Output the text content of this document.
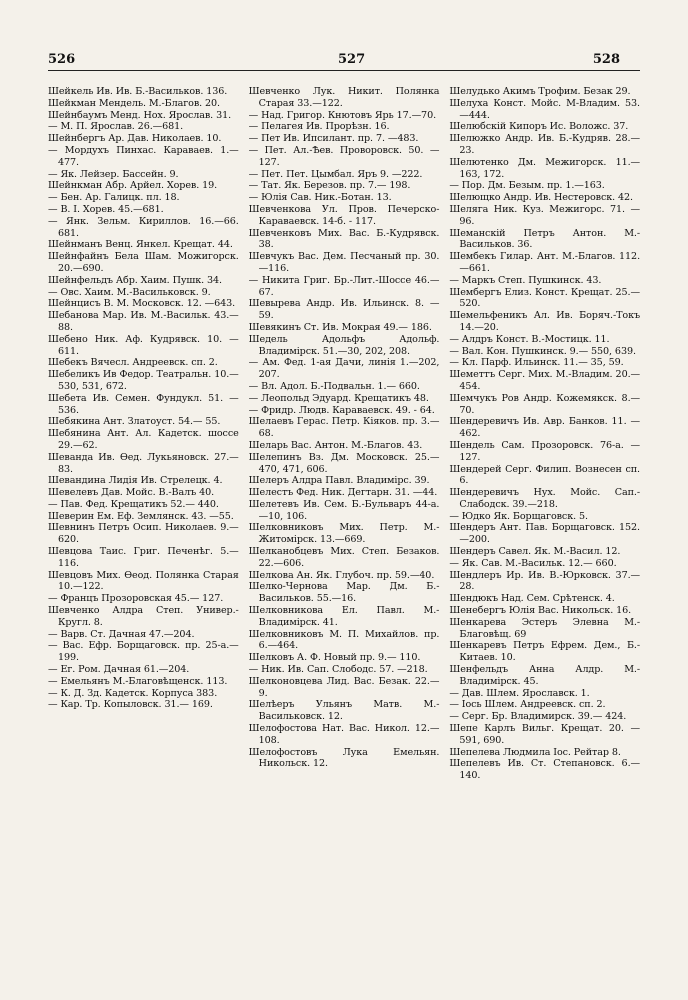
526	527	528

Шейкель Ив. Ив. Б.-Васильков. 136.

Шейкман Мендель. М.-Благов. 20.

Шейнбаумъ Менд. Нох. Ярослав. 31.

— М. П. Ярослав. 26.—681.

Шейнбергъ Ар. Дав. Николаев. 10.

— Мордухъ Пинхас. Караваев. 1.—477.

— Як. Лейзер. Бассейн. 9.

Шейнкман Абр. Арйел. Хорев. 19.

— Бен. Ар. Галицк. пл. 18.

— В. І. Хорев. 45.—681.

— Янк. Зельм. Кириллов. 16.—66. 681.

Шейнманъ Венц. Янкел. Крещат. 44.

Шейнфайнъ Бела Шам. Можигорск. 20.—690.

Шейнфельдъ Абр. Хаим. Пушк. 34.

— Овс. Хаим. М.-Васильковск. 9.

Шейнцисъ В. М. Московск. 12. —643.

Шебанова Мар. Ив. М.-Васильк. 43.—88.

Шебено Ник. Аф. Кудрявск. 10. —611.

Шебекъ Вячесл. Андреевск. сп. 2.

Шебеликъ Ив Федор. Театральн. 10.—530, 531, 672.

Шебета Ив. Семен. Фундукл. 51. —536.

Шебякина Ант. Златоуст. 54.— 55.

Шебянина Ант. Ал. Кадетск. шоссе 29.—62.

Шеванда Ив. Өед. Лукьяновск. 27.—83.

Шевандина Лидія Ив. Стрелецк. 4.

Шевелевъ Дав. Мойс. В.-Валъ 40.

— Пав. Фед. Крещатикъ 52.— 440.

Шеверин Ем. Еф. Землянск. 43. —55.

Шевнинъ Петръ Осип. Николаев. 9.—620.

Шевцова Таис. Григ. Печенѣг. 5.—116.

Шевцовъ Мих. Өеод. Полянка Старая 10.—122.

— Францъ Прозоровская 45.— 127.

Шевченко Алдра Степ. Универ.-Кругл. 8.

— Варв. Ст. Дачная 47.—204.

— Вас. Ефр. Борщаговск. пр. 25-а.—199.

— Ег. Ром. Дачная 61.—204.

— Емельянъ М.-Благовѣщенск. 113.

— К. Д. Зд. Кадетск. Корпуса 383.

— Кар. Тр. Копыловск. 31.— 169.

Шевченко Лук. Никит. Полянка Старая 33.—122.

— Над. Григор. Кнютовъ Ярь 17.—70.

— Пелагея Ив. Прорѣзн. 16.

— Пет Ив. Ипсилант. пр. 7. —483.

— Пет. Ал.-Ѣев. Проворовск. 50. —127.

— Пет. Пет. Цымбал. Яръ 9. —222.

— Тат. Як. Березов. пр. 7.— 198.

— Юлія Сав. Ник.-Ботан. 13.

Шевченкова Ул. Пров. Печерско-Караваевск. 14-б. - 117.

Шевченковъ Мих. Вас. Б.-Кудрявск. 38.

Шевчукъ Вас. Дем. Песчаный пр. 30.—116.

— Никита Григ. Бр.-Лит.-Шоссе 46.—67.

Шевырева Андр. Ив. Ильинск. 8. —59.

Шевякинъ Ст. Ив. Мокрая 49.— 186.

Шедель Адольфъ Адольф. Владимірск. 51.—30, 202, 208.

— Ам. Фед. 1-ая Дачи, линія 1.—202, 207.

— Вл. Адол. Б.-Подвальн. 1.— 660.

— Леопольд Эдуард. Крещатикъ 48.

— Фридр. Людв. Караваевск. 49. - 64.

Шелаевъ Герас. Петр. Кіяков. пр. 3.—68.

Шеларь Вас. Антон. М.-Благов. 43.

Шелепинъ Вз. Дм. Московск. 25.—470, 471, 606.

Шелеръ Алдра Павл. Владимірс. 39.

Шелестъ Фед. Ник. Дегтарн. 31. —44.

Шелетевъ Ив. Сем. Б.-Бульваръ 44-а.—10, 106.

Шелковниковъ Мих. Петр. М.-Житомірск. 13.—669.

Шелканобцевъ Мих. Степ. Безаков. 22.—606.

Шелкова Ан. Як. Глубоч. пр. 59.—40.

Шелко-Чернова Мар. Дм. Б.-Васильков. 55.—16.

Шелковникова Ел. Павл. М.-Владимірск. 41.

Шелковниковъ М. П. Михайлов. пр. 6.—464.

Шелковъ А. Ф. Новый пр. 9.— 110.

— Ник. Ив. Сап. Слободс. 57. —218.

Шелконовцева Лид. Вас. Безак. 22.—9.

Шелѣеръ Ульянъ Матв. М.-Васильковск. 12.

Шелофостова Нат. Вас. Никол. 12.—108.

Шелофостовъ Лука Емельян. Никольск. 12.

Шелудько Акимъ Трофим. Безак 29.

Шелуха Конст. Мойс. М-Владим. 53.—444.

Шелюбскій Кипоръ Ис. Воложс. 37.

Шелюжко Андр. Ив. Б.-Кудряв. 28.—23.

Шелютенко Дм. Межигорск. 11.— 163, 172.

— Пор. Дм. Безым. пр. 1.—163.

Шелющко Андр. Ив. Нестеровск. 42.

Шеляга Ник. Куз. Межигорс. 71. —96.

Шеманскій Петръ Антон. М.-Васильков. 36.

Шембекъ Гилар. Ант. М.-Благов. 112.—661.

— Маркъ Степ. Пушкинск. 43.

Шембергъ Елиз. Конст. Крещат. 25.—520.

Шемельфеникъ Ал. Ив. Боряч.-Токъ 14.—20.

— Алдръ Конст. В.-Мостицк. 11.

— Вал. Кон. Пушкинск. 9.— 550, 639.

— Кл. Парф. Ильинск. 11.— 35, 59.

Шеметтъ Серг. Мих. М.-Владим. 20.—454.

Шемчукъ Ров Андр. Кожемякск. 8.—70.

Шендеревичъ Ив. Авр. Банков. 11. —462.

Шендель Сам. Прозоровск. 76-а. —127.

Шендерей Серг. Филип. Вознесен сп. 6.

Шендеревичъ Нух. Мойс. Сап.-Слабодск. 39.—218.

— Юдко Як. Борщаговск. 5.

Шендеръ Ант. Пав. Борщаговск. 152.—200.

Шендеръ Савел. Як. М.-Васил. 12.

— Як. Сав. М.-Васильк. 12.— 660.

Шендлеръ Ир. Ив. В.-Юрковск. 37.—28.

Шендюкъ Над. Сем. Срѣтенск. 4.

Шенебергъ Юлія Вас. Никольск. 16.

Шенкарева Эстеръ Элевна М.-Благовѣщ. 69

Шенкаревъ Петръ Ефрем. Дем., Б.-Китаев. 10.

Шенфельдъ Анна Алдр. М.-Владимірск. 45.

— Дав. Шлем. Ярославск. 1.

— Іось Шлем. Андреевск. сп. 2.

— Серг. Бр. Владимирск. 39.— 424.

Шепе Карлъ Вильг. Крещат. 20. —591, 690.

Шепелева Людмила Іос. Рейтар 8.

Шепелевъ Ив. Ст. Степановск. 6.—140.
